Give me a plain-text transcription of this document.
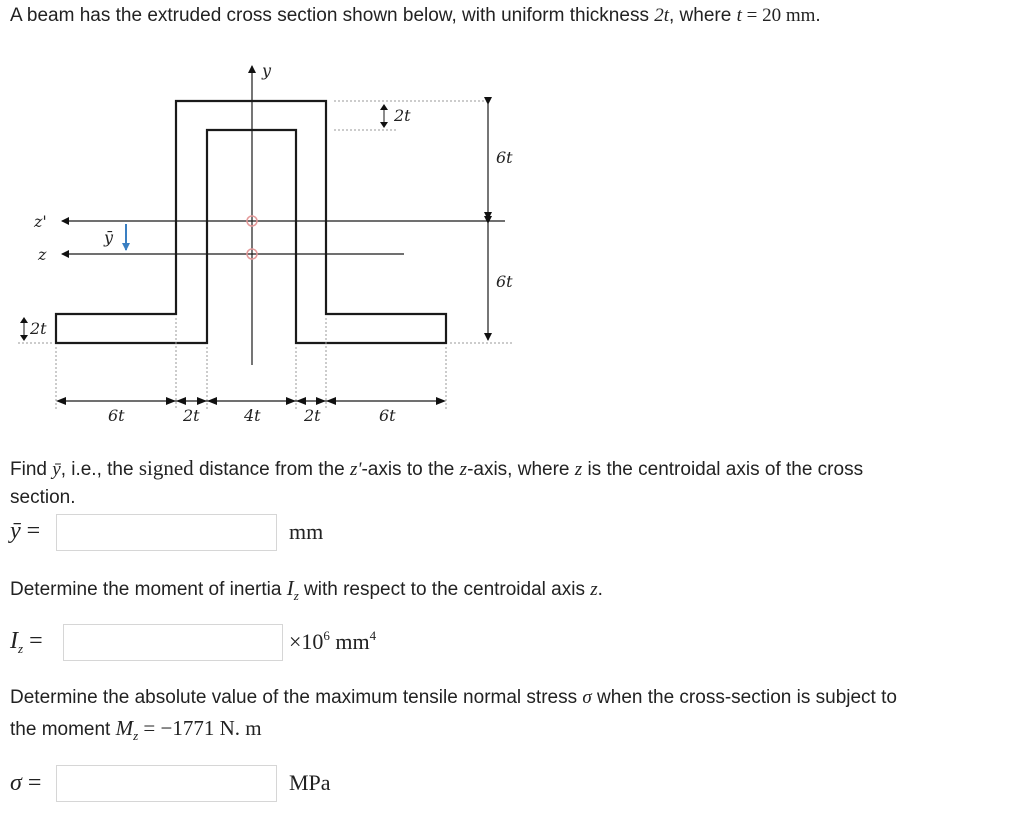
A beam has the extruded cross section shown below, with uniform thickness 2t, where t = 20 mm.
y
z'
z
ȳ
2t
6t
6t
2t
6t	2t	4t	2t	6t
Find ȳ, i.e., the signed distance from the z'-axis to the z-axis, where z is the centroidal axis of the cross
section.
ȳ =	mm
Determine the moment of inertia $I_z$ with respect to the centroidal axis z.
$I_z$ =	$\times 10^6$ $mm^4$
Determine the absolute value of the maximum tensile normal stress σ when the cross-section is subject to
the moment $M_z = -1771$ N. m
σ =	MPa
